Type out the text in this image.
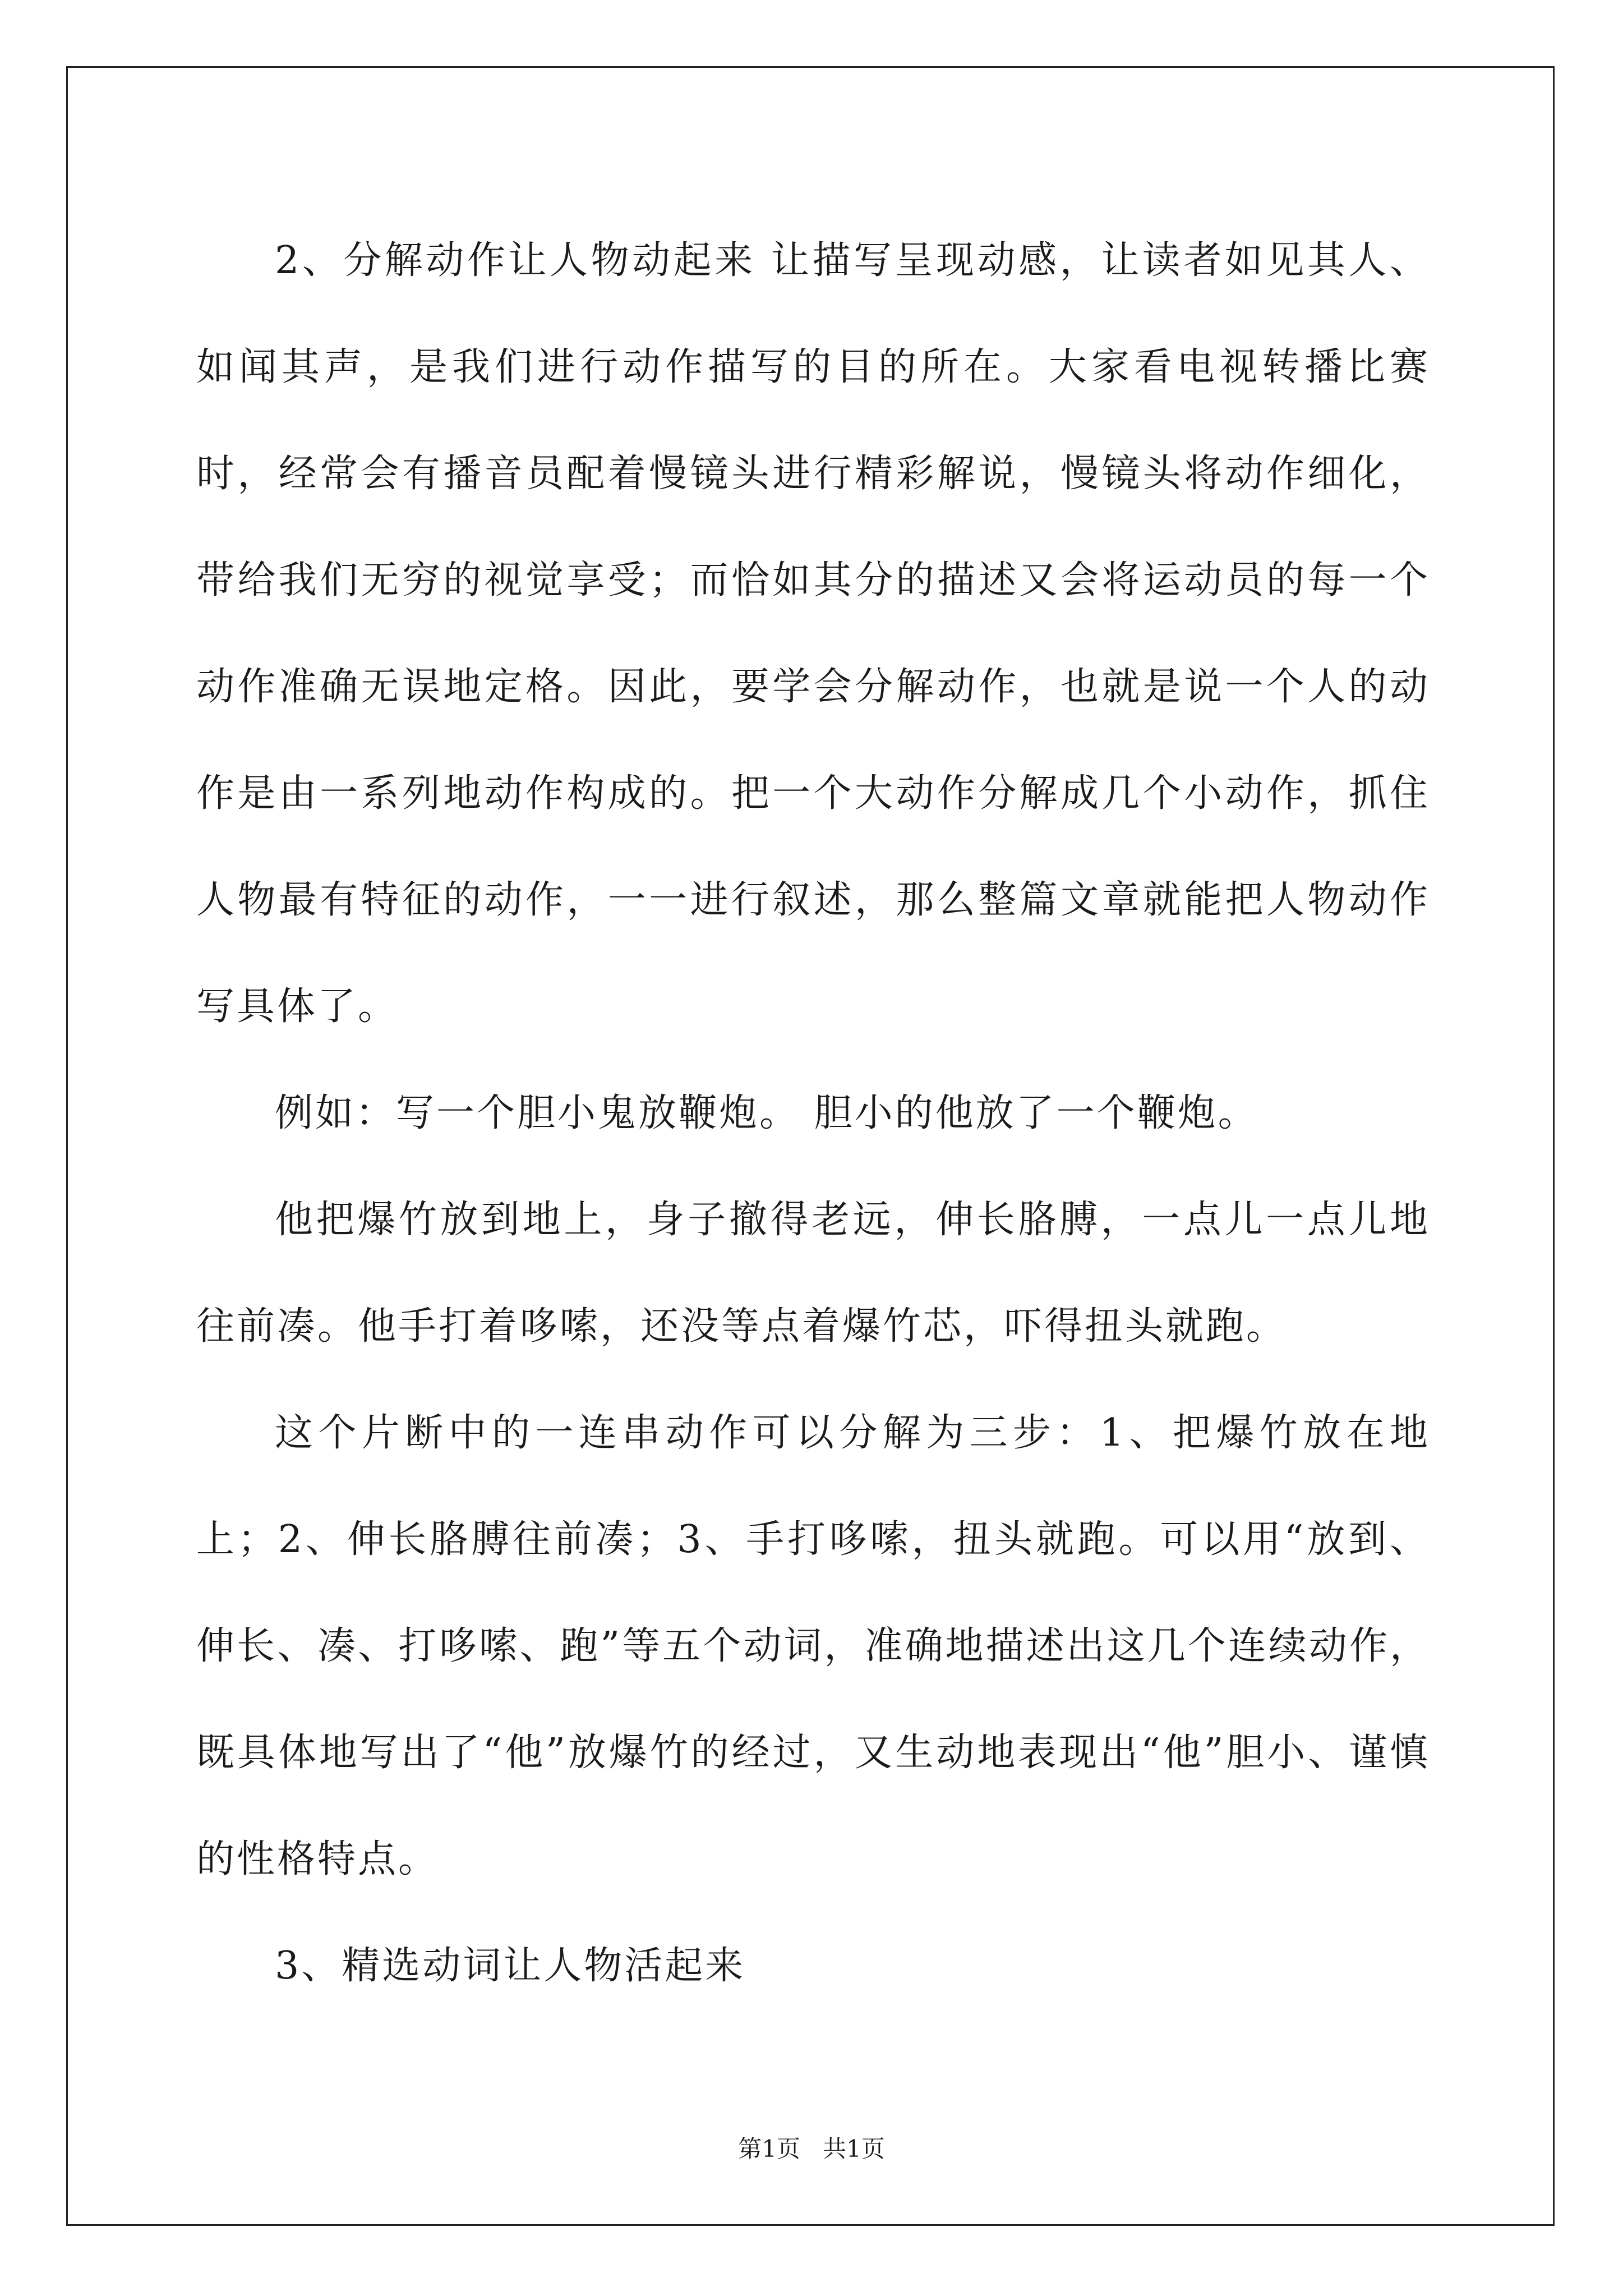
2、分解动作让人物动起来 让描写呈现动感，让读者如见其人、如闻其声，是我们进行动作描写的目的所在。大家看电视转播比赛时，经常会有播音员配着慢镜头进行精彩解说，慢镜头将动作细化，带给我们无穷的视觉享受；而恰如其分的描述又会将运动员的每一个动作准确无误地定格。因此，要学会分解动作，也就是说一个人的动作是由一系列地动作构成的。把一个大动作分解成几个小动作，抓住人物最有特征的动作，一一进行叙述，那么整篇文章就能把人物动作写具体了。

例如：写一个胆小鬼放鞭炮。 胆小的他放了一个鞭炮。

他把爆竹放到地上，身子撤得老远，伸长胳膊，一点儿一点儿地往前凑。他手打着哆嗦，还没等点着爆竹芯，吓得扭头就跑。

这个片断中的一连串动作可以分解为三步：1、把爆竹放在地上；2、伸长胳膊往前凑；3、手打哆嗦，扭头就跑。可以用“放到、伸长、凑、打哆嗦、跑”等五个动词，准确地描述出这几个连续动作，既具体地写出了“他”放爆竹的经过，又生动地表现出“他”胆小、谨慎的性格特点。

3、精选动词让人物活起来

第1页 共1页
